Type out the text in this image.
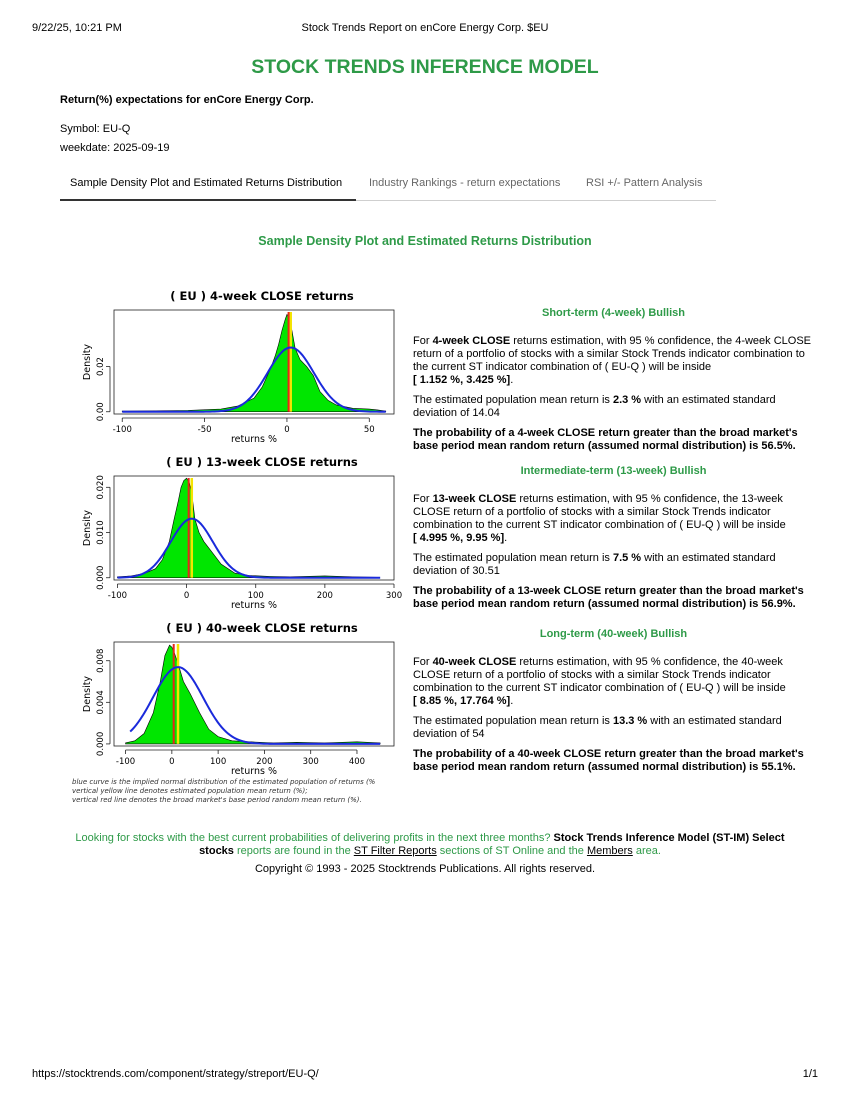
9/22/25, 10:21 PM	Stock Trends Report on enCore Energy Corp. $EU
STOCK TRENDS INFERENCE MODEL
Return(%) expectations for enCore Energy Corp.
Symbol: EU-Q
weekdate: 2025-09-19
Sample Density Plot and Estimated Returns Distribution	Industry Rankings - return expectations	RSI +/- Pattern Analysis
Sample Density Plot and Estimated Returns Distribution
( EU ) 4-week CLOSE returns
-100	-50	0	50
returns %
0.00
0.02
Density
( EU ) 13-week CLOSE returns
-100	0	100	200	300
returns %
0.000
0.010
0.020
Density
( EU ) 40-week CLOSE returns
-100	0	100	200	300	400
returns %
0.000
0.004
0.008
Density
blue curve is the implied normal distribution of the estimated population of returns (%
vertical yellow line denotes estimated population mean return (%);
vertical red line denotes the broad market's base period random mean return (%).
Short-term (4-week) Bullish

For 4-week CLOSE returns estimation, with 95 % confidence, the 4-week CLOSE return of a portfolio of stocks with a similar Stock Trends indicator combination to the current ST indicator combination of ( EU-Q ) will be inside
[ 1.152 %, 3.425 %].

The estimated population mean return is 2.3 % with an estimated standard deviation of 14.04

The probability of a 4-week CLOSE return greater than the broad market's base period mean random return (assumed normal distribution) is 56.5%.

Intermediate-term (13-week) Bullish

For 13-week CLOSE returns estimation, with 95 % confidence, the 13-week CLOSE return of a portfolio of stocks with a similar Stock Trends indicator combination to the current ST indicator combination of ( EU-Q ) will be inside
[ 4.995 %, 9.95 %].

The estimated population mean return is 7.5 % with an estimated standard deviation of 30.51

The probability of a 13-week CLOSE return greater than the broad market's base period mean random return (assumed normal distribution) is 56.9%.

Long-term (40-week) Bullish

For 40-week CLOSE returns estimation, with 95 % confidence, the 40-week CLOSE return of a portfolio of stocks with a similar Stock Trends indicator combination to the current ST indicator combination of ( EU-Q ) will be inside
[ 8.85 %, 17.764 %].

The estimated population mean return is 13.3 % with an estimated standard deviation of 54

The probability of a 40-week CLOSE return greater than the broad market's base period mean random return (assumed normal distribution) is 55.1%.

Looking for stocks with the best current probabilities of delivering profits in the next three months? Stock Trends Inference Model (ST-IM) Select stocks reports are found in the ST Filter Reports sections of ST Online and the Members area.
Copyright © 1993 - 2025 Stocktrends Publications. All rights reserved.
https://stocktrends.com/component/strategy/streport/EU-Q/	1/1
